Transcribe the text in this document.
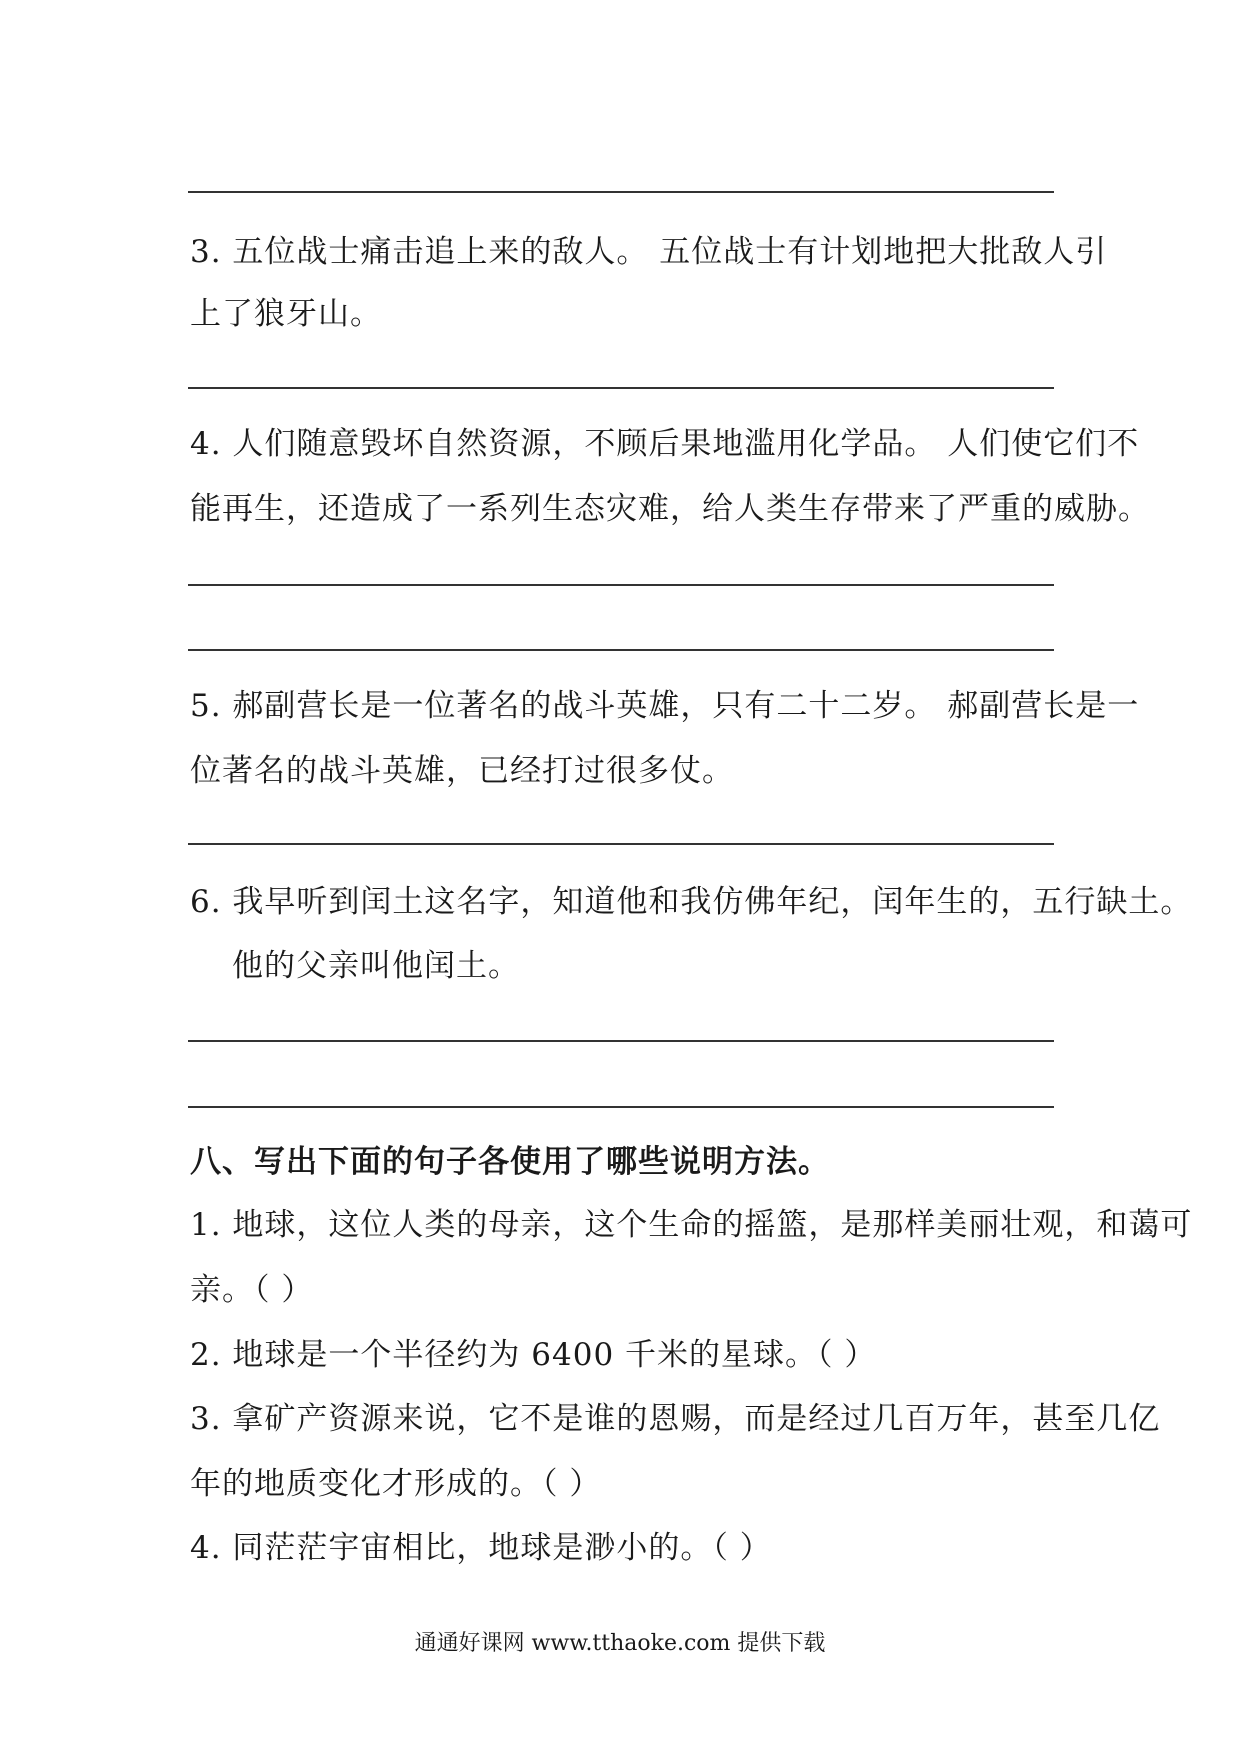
3. 五位战士痛击追上来的敌人。 五位战士有计划地把大批敌人引
上了狼牙山。
4. 人们随意毁坏自然资源，不顾后果地滥用化学品。 人们使它们不
能再生，还造成了一系列生态灾难，给人类生存带来了严重的威胁。
5. 郝副营长是一位著名的战斗英雄，只有二十二岁。 郝副营长是一
位著名的战斗英雄，已经打过很多仗。
6. 我早听到闰土这名字，知道他和我仿佛年纪，闰年生的，五行缺土。
他的父亲叫他闰土。
八、写出下面的句子各使用了哪些说明方法。
1. 地球，这位人类的母亲，这个生命的摇篮，是那样美丽壮观，和蔼可
亲。（ ）
2. 地球是一个半径约为 6400 千米的星球。（ ）
3. 拿矿产资源来说，它不是谁的恩赐，而是经过几百万年，甚至几亿
年的地质变化才形成的。（ ）
4. 同茫茫宇宙相比，地球是渺小的。（ ）
通通好课网 www.tthaoke.com 提供下载
